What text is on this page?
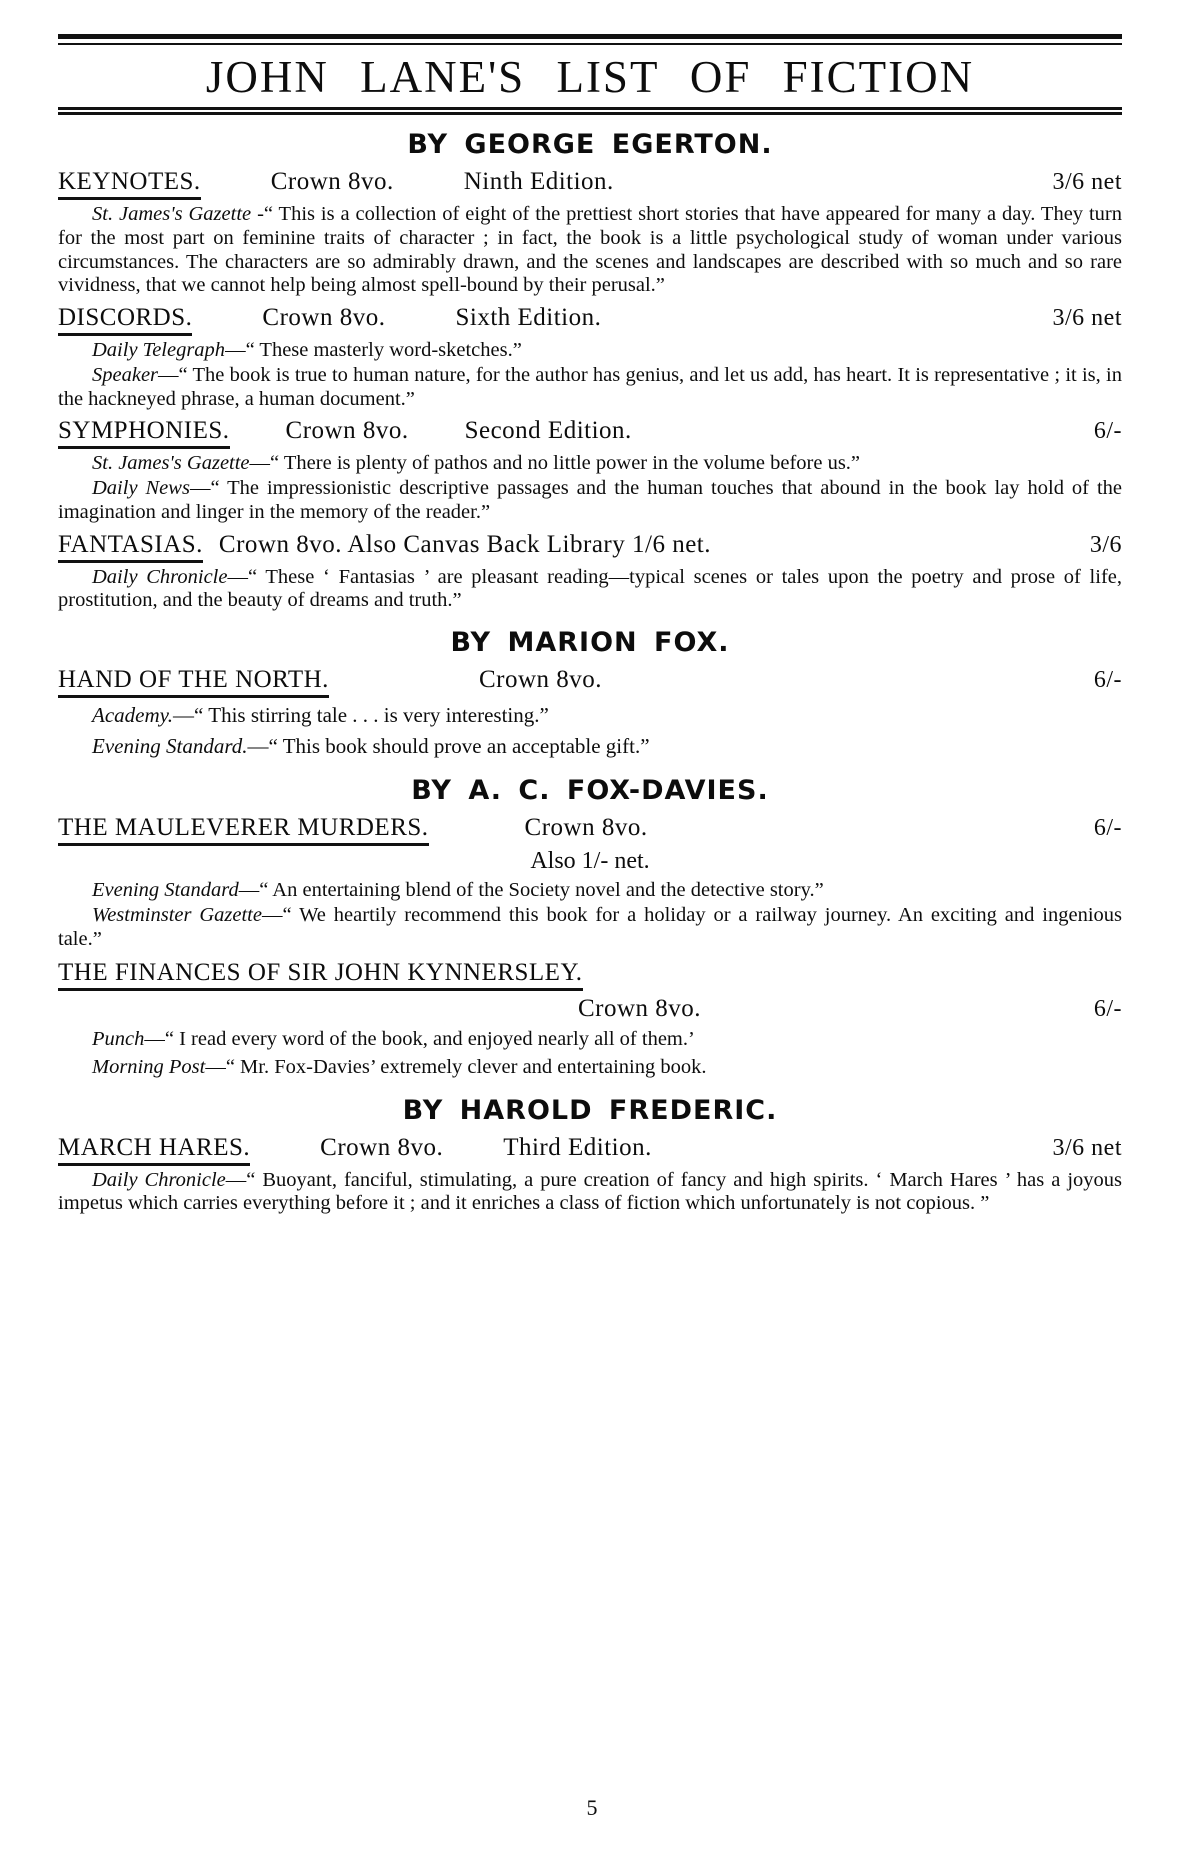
JOHN LANE'S LIST OF FICTION
BY GEORGE EGERTON.
KEYNOTES.	Crown 8vo.	Ninth Edition.	3/6 net

St. James's Gazette -“ This is a collection of eight of the prettiest short stories that have appeared for many a day. They turn for the most part on feminine traits of character ; in fact, the book is a little psychological study of woman under various circumstances. The characters are so admirably drawn, and the scenes and landscapes are described with so much and so rare vividness, that we cannot help being almost spell-bound by their perusal.”

DISCORDS.	Crown 8vo.	Sixth Edition.	3/6 net

Daily Telegraph—“ These masterly word-sketches.”

Speaker—“ The book is true to human nature, for the author has genius, and let us add, has heart. It is representative ; it is, in the hackneyed phrase, a human document.”

SYMPHONIES. Crown 8vo. Second Edition.	6/-

St. James's Gazette—“ There is plenty of pathos and no little power in the volume before us.”

Daily News—“ The impressionistic descriptive passages and the human touches that abound in the book lay hold of the imagination and linger in the memory of the reader.”

FANTASIAS. Crown 8vo. Also Canvas Back Library 1/6 net.	3/6

Daily Chronicle—“ These ‘ Fantasias ’ are pleasant reading—typical scenes or tales upon the poetry and prose of life, prostitution, and the beauty of dreams and truth.”

BY MARION FOX.
HAND OF THE NORTH.	Crown 8vo.	6/-

Academy.—“ This stirring tale . . . is very interesting.”

Evening Standard.—“ This book should prove an acceptable gift.”

BY A. C. FOX-DAVIES.
THE MAULEVERER MURDERS.	Crown 8vo.	6/-
Also 1/- net.

Evening Standard—“ An entertaining blend of the Society novel and the detective story.”

Westminster Gazette—“ We heartily recommend this book for a holiday or a railway journey. An exciting and ingenious tale.”

THE FINANCES OF SIR JOHN KYNNERSLEY.
Crown 8vo.	6/-

Punch—“ I read every word of the book, and enjoyed nearly all of them.’

Morning Post—“ Mr. Fox-Davies’ extremely clever and entertaining book.

BY HAROLD FREDERIC.
MARCH HARES.	Crown 8vo. Third Edition.	3/6 net

Daily Chronicle—“ Buoyant, fanciful, stimulating, a pure creation of fancy and high spirits. ‘ March Hares ’ has a joyous impetus which carries everything before it ; and it enriches a class of fiction which unfortunately is not copious. ”

5
